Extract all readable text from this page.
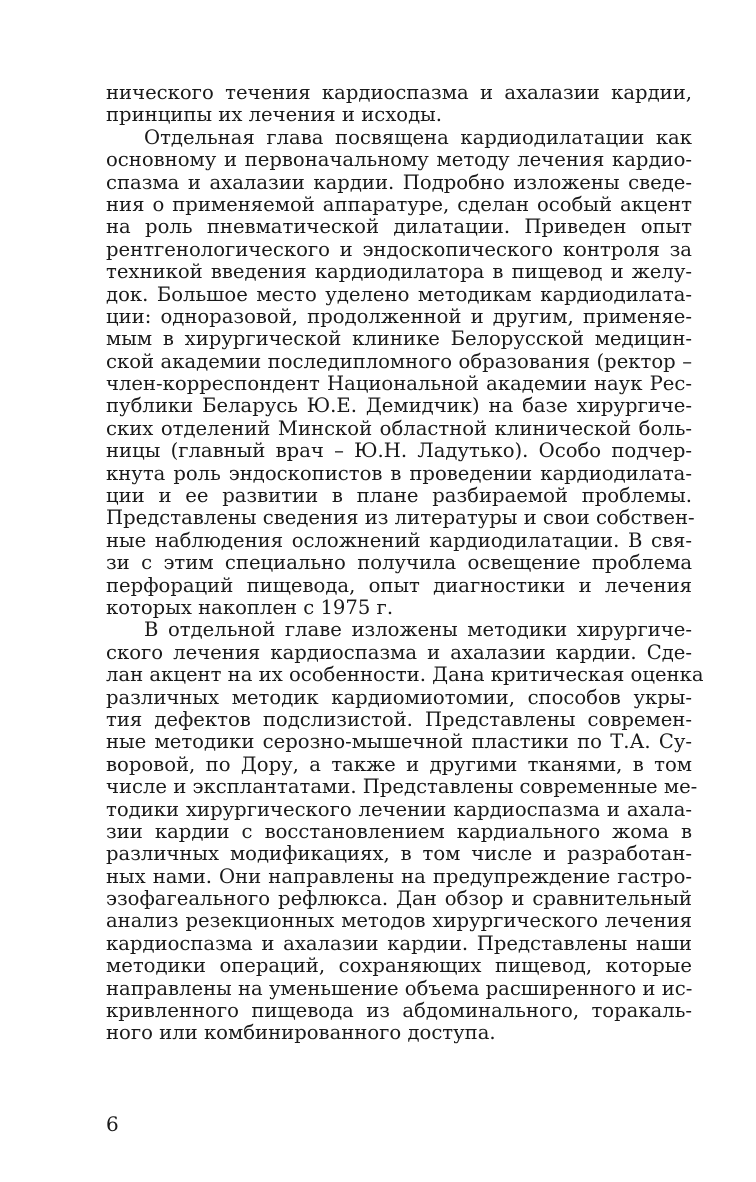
нического течения кардиоспазма и ахалазии кардии,
принципы их лечения и исходы.
Отдельная глава посвящена кардиодилатации как
основному и первоначальному методу лечения кардио-
спазма и ахалазии кардии. Подробно изложены сведе-
ния о применяемой аппаратуре, сделан особый акцент
на роль пневматической дилатации. Приведен опыт
рентгенологического и эндоскопического контроля за
техникой введения кардиодилатора в пищевод и желу-
док. Большое место уделено методикам кардиодилата-
ции: одноразовой, продолженной и другим, применяе-
мым в хирургической клинике Белорусской медицин-
ской академии последипломного образования (ректор –
член-корреспондент Национальной академии наук Рес-
публики Беларусь Ю.Е. Демидчик) на базе хирургиче-
ских отделений Минской областной клинической боль-
ницы (главный врач – Ю.Н. Ладутько). Особо подчер-
кнута роль эндоскопистов в проведении кардиодилата-
ции и ее развитии в плане разбираемой проблемы.
Представлены сведения из литературы и свои собствен-
ные наблюдения осложнений кардиодилатации. В свя-
зи с этим специально получила освещение проблема
перфораций пищевода, опыт диагностики и лечения
которых накоплен с 1975 г.
В отдельной главе изложены методики хирургиче-
ского лечения кардиоспазма и ахалазии кардии. Сде-
лан акцент на их особенности. Дана критическая оценка
различных методик кардиомиотомии, способов укры-
тия дефектов подслизистой. Представлены современ-
ные методики серозно-мышечной пластики по Т.А. Су-
воровой, по Дору, а также и другими тканями, в том
числе и эксплантатами. Представлены современные ме-
тодики хирургического лечении кардиоспазма и ахала-
зии кардии с восстановлением кардиального жома в
различных модификациях, в том числе и разработан-
ных нами. Они направлены на предупреждение гастро-
эзофагеального рефлюкса. Дан обзор и сравнительный
анализ резекционных методов хирургического лечения
кардиоспазма и ахалазии кардии. Представлены наши
методики операций, сохраняющих пищевод, которые
направлены на уменьшение объема расширенного и ис-
кривленного пищевода из абдоминального, торакаль-
ного или комбинированного доступа.
6
